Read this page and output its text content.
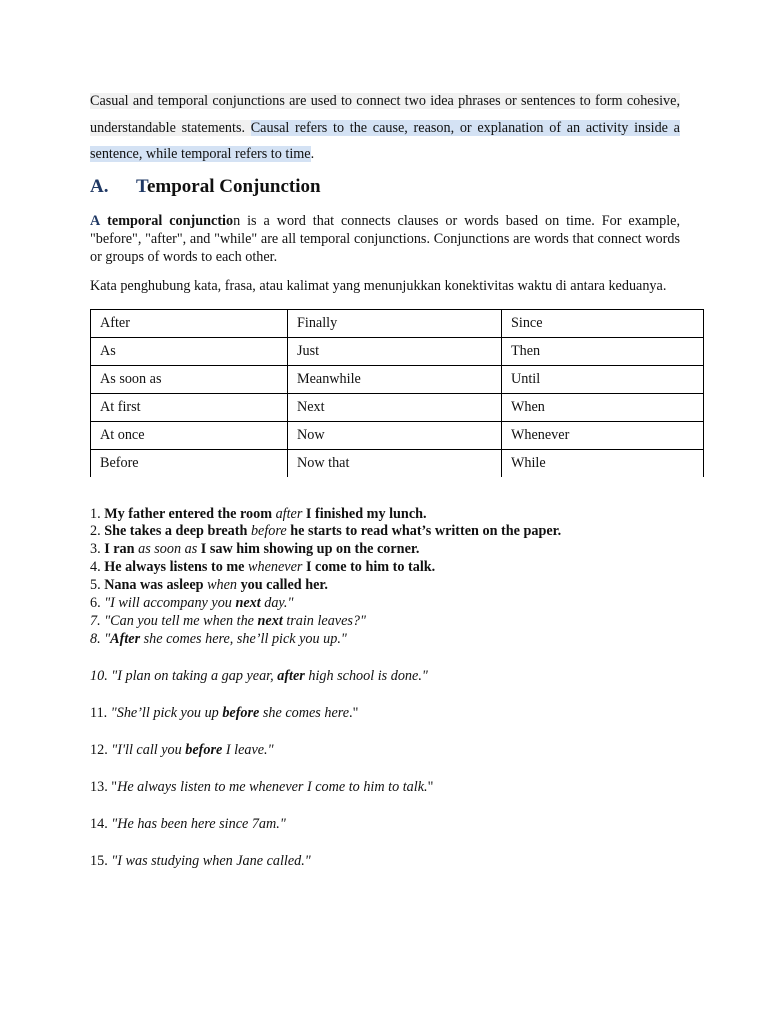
Casual and temporal conjunctions are used to connect two idea phrases or sentences to form cohesive, understandable statements. Causal refers to the cause, reason, or explanation of an activity inside a sentence, while temporal refers to time.

A.	Temporal Conjunction

A temporal conjunction is a word that connects clauses or words based on time. For example, "before", "after", and "while" are all temporal conjunctions. Conjunctions are words that connect words or groups of words to each other.

Kata penghubung kata, frasa, atau kalimat yang menunjukkan konektivitas waktu di antara keduanya.

After	Finally	Since
As	Just	Then
As soon as	Meanwhile	Until
At first	Next	When
At once	Now	Whenever
Before	Now that	While
1. My father entered the room after I finished my lunch.
2. She takes a deep breath before he starts to read what’s written on the paper.
3. I ran as soon as I saw him showing up on the corner.
4. He always listens to me whenever I come to him to talk.
5. Nana was asleep when you called her.
6. "I will accompany you next day."
7. "Can you tell me when the next train leaves?"
8. "After she comes here, she’ll pick you up."

10. "I plan on taking a gap year, after high school is done."

11. "She’ll pick you up before she comes here."

12. "I'll call you before I leave."

13. "He always listen to me whenever I come to him to talk."

14. "He has been here since 7am."

15. "I was studying when Jane called."
